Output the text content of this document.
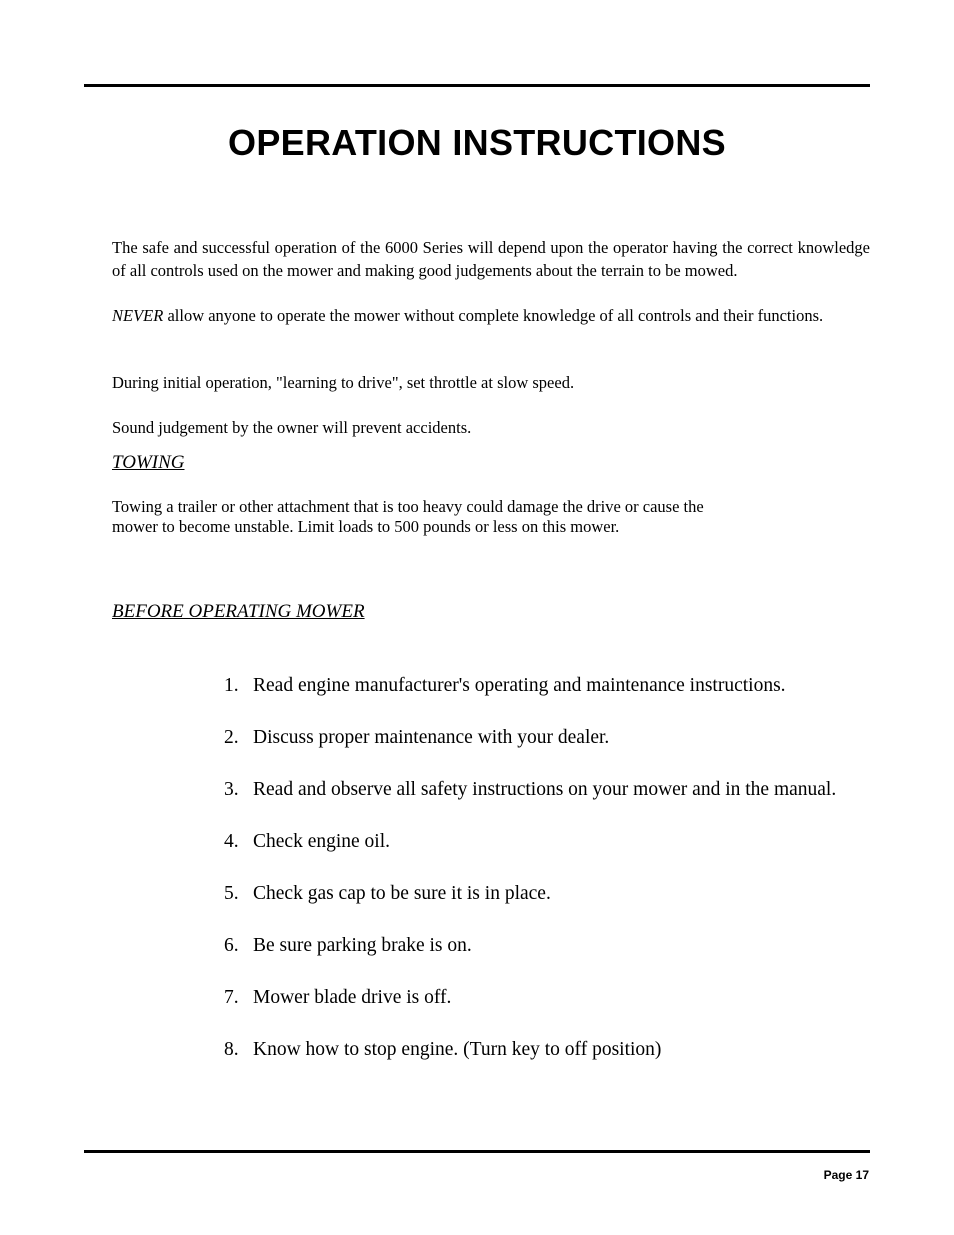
OPERATION INSTRUCTIONS
The safe and successful operation of the 6000 Series will depend upon the operator having the correct knowledge of all controls used on the mower and making good judgements about the terrain to be mowed.
NEVER allow anyone to operate the mower without complete knowledge of all controls and their functions.
During initial operation, "learning to drive", set throttle at slow speed.
Sound judgement by the owner will prevent accidents.
TOWING
Towing a trailer or other attachment that is too heavy could damage the drive or cause the
mower to become unstable. Limit loads to 500 pounds or less on this mower.
BEFORE OPERATING MOWER
1. Read engine manufacturer's operating and maintenance instructions.
2. Discuss proper maintenance with your dealer.
3. Read and observe all safety instructions on your mower and in the manual.
4. Check engine oil.
5. Check gas cap to be sure it is in place.
6. Be sure parking brake is on.
7. Mower blade drive is off.
8. Know how to stop engine. (Turn key to off position)
Page 17
